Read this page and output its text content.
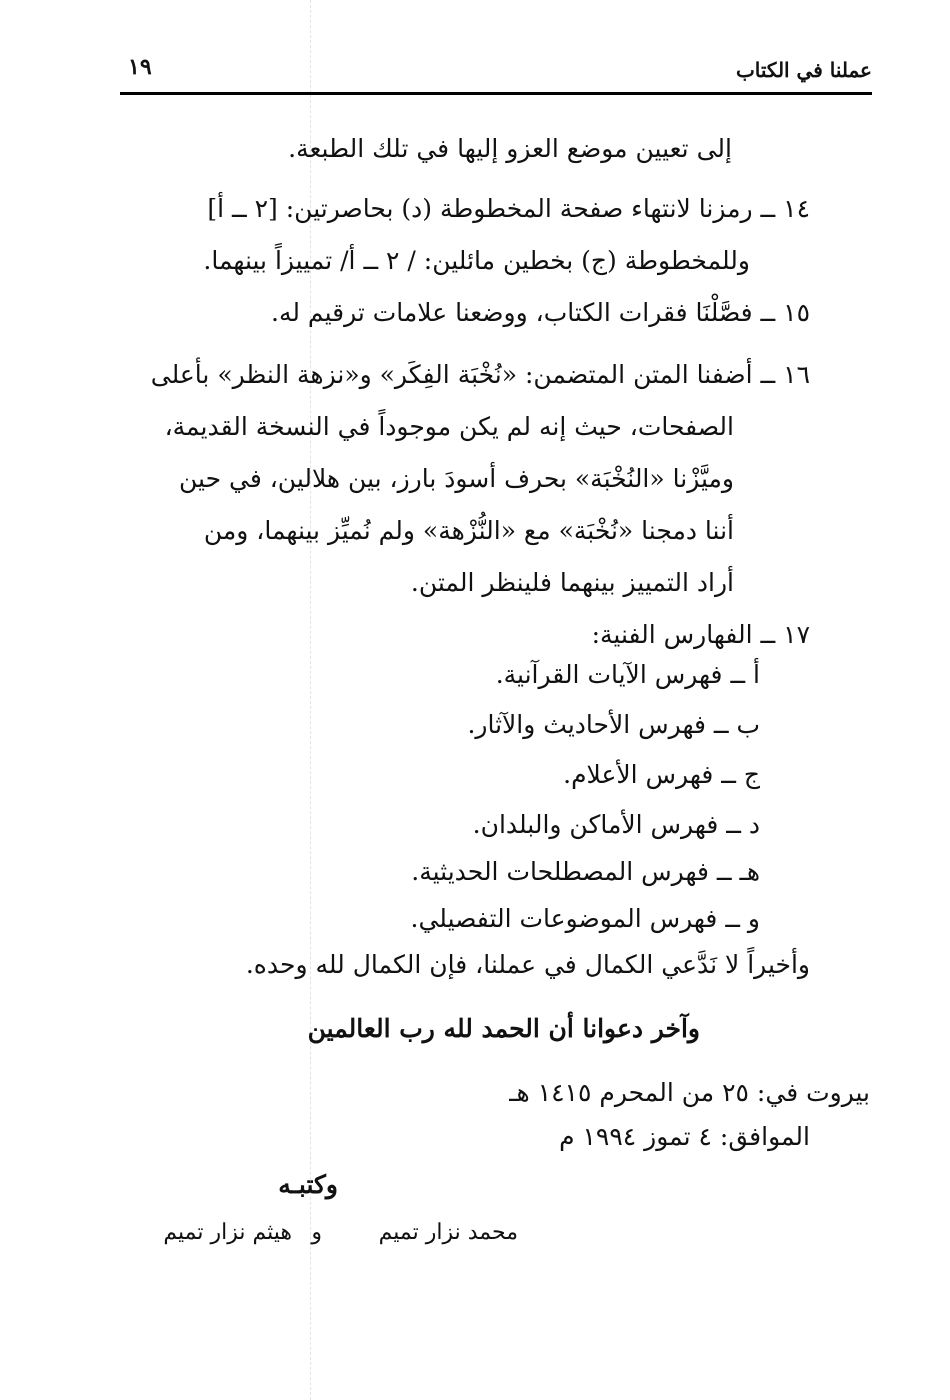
عملنا في الكتاب
١٩
إلى تعيين موضع العزو إليها في تلك الطبعة.
١٤ ــ رمزنا لانتهاء صفحة المخطوطة (د) بحاصرتين: [٢ ــ أ]
وللمخطوطة (ج) بخطين مائلين: / ٢ ــ أ/ تمييزاً بينهما.
١٥ ــ فصَّلْنَا فقرات الكتاب، ووضعنا علامات ترقيم له.
١٦ ــ أضفنا المتن المتضمن: «نُخْبَة الفِكَر» و«نزهة النظر» بأعلى
الصفحات، حيث إنه لم يكن موجوداً في النسخة القديمة،
وميَّزْنا «النُخْبَة» بحرف أسودَ بارز، بين هلالين، في حين
أننا دمجنا «نُخْبَة» مع «النُّزْهة» ولم نُميِّز بينهما، ومن
أراد التمييز بينهما فلينظر المتن.
١٧ ــ الفهارس الفنية:
أ ــ فهرس الآيات القرآنية.
ب ــ فهرس الأحاديث والآثار.
ج ــ فهرس الأعلام.
د ــ فهرس الأماكن والبلدان.
هـ ــ فهرس المصطلحات الحديثية.
و ــ فهرس الموضوعات التفصيلي.
وأخيراً لا نَدَّعي الكمال في عملنا، فإن الكمال لله وحده.
وآخر دعوانا أن الحمد لله رب العالمين
بيروت في: ٢٥ من المحرم ١٤١٥ هـ
الموافق: ٤ تموز ١٩٩٤ م
وكتبـه
محمد نزار تميم
و
هيثم نزار تميم
